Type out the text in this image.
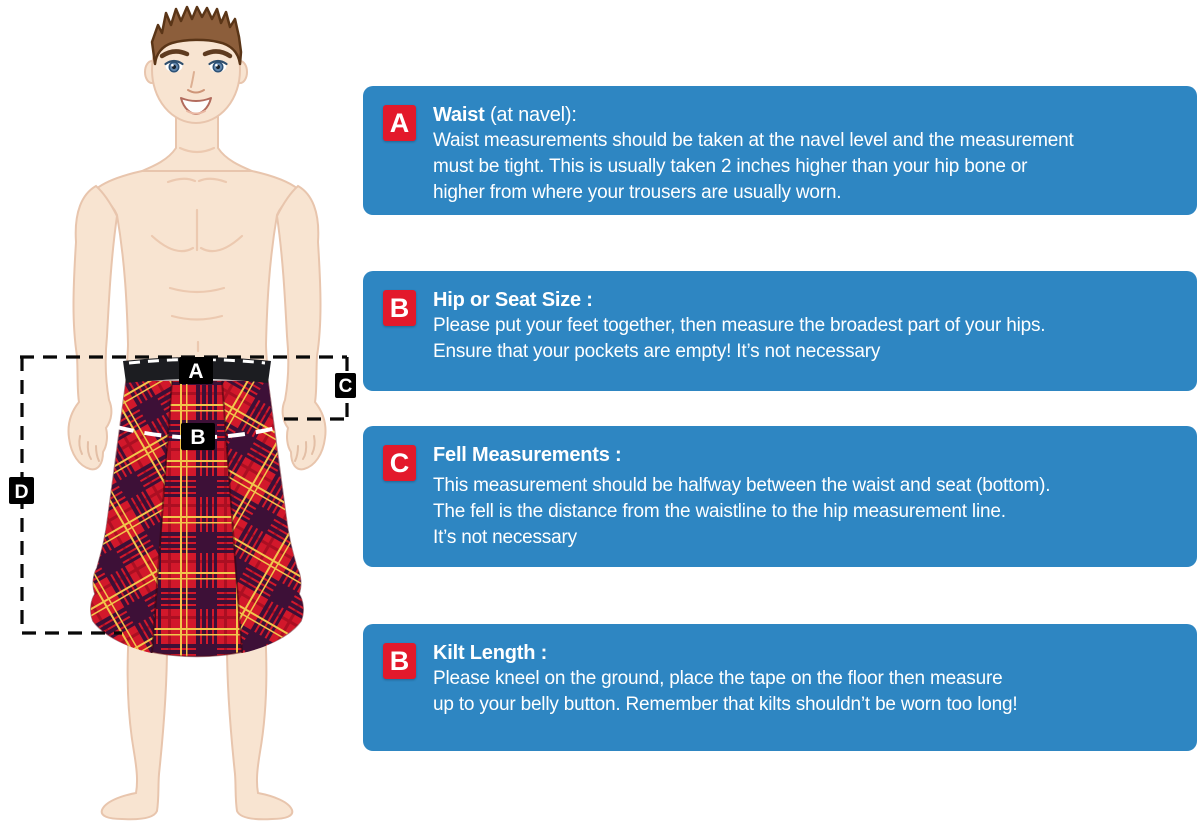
A
B
C
D
A	Waist (at navel):
Waist measurements should be taken at the navel level and the measurement
must be tight. This is usually taken 2 inches higher than your hip bone or
higher from where your trousers are usually worn.
B	Hip or Seat Size :
Please put your feet together, then measure the broadest part of your hips.
Ensure that your pockets are empty! It’s not necessary
C	Fell Measurements :
This measurement should be halfway between the waist and seat (bottom).
The fell is the distance from the waistline to the hip measurement line.
It’s not necessary
B	Kilt Length :
Please kneel on the ground, place the tape on the floor then measure
up to your belly button. Remember that kilts shouldn’t be worn too long!
